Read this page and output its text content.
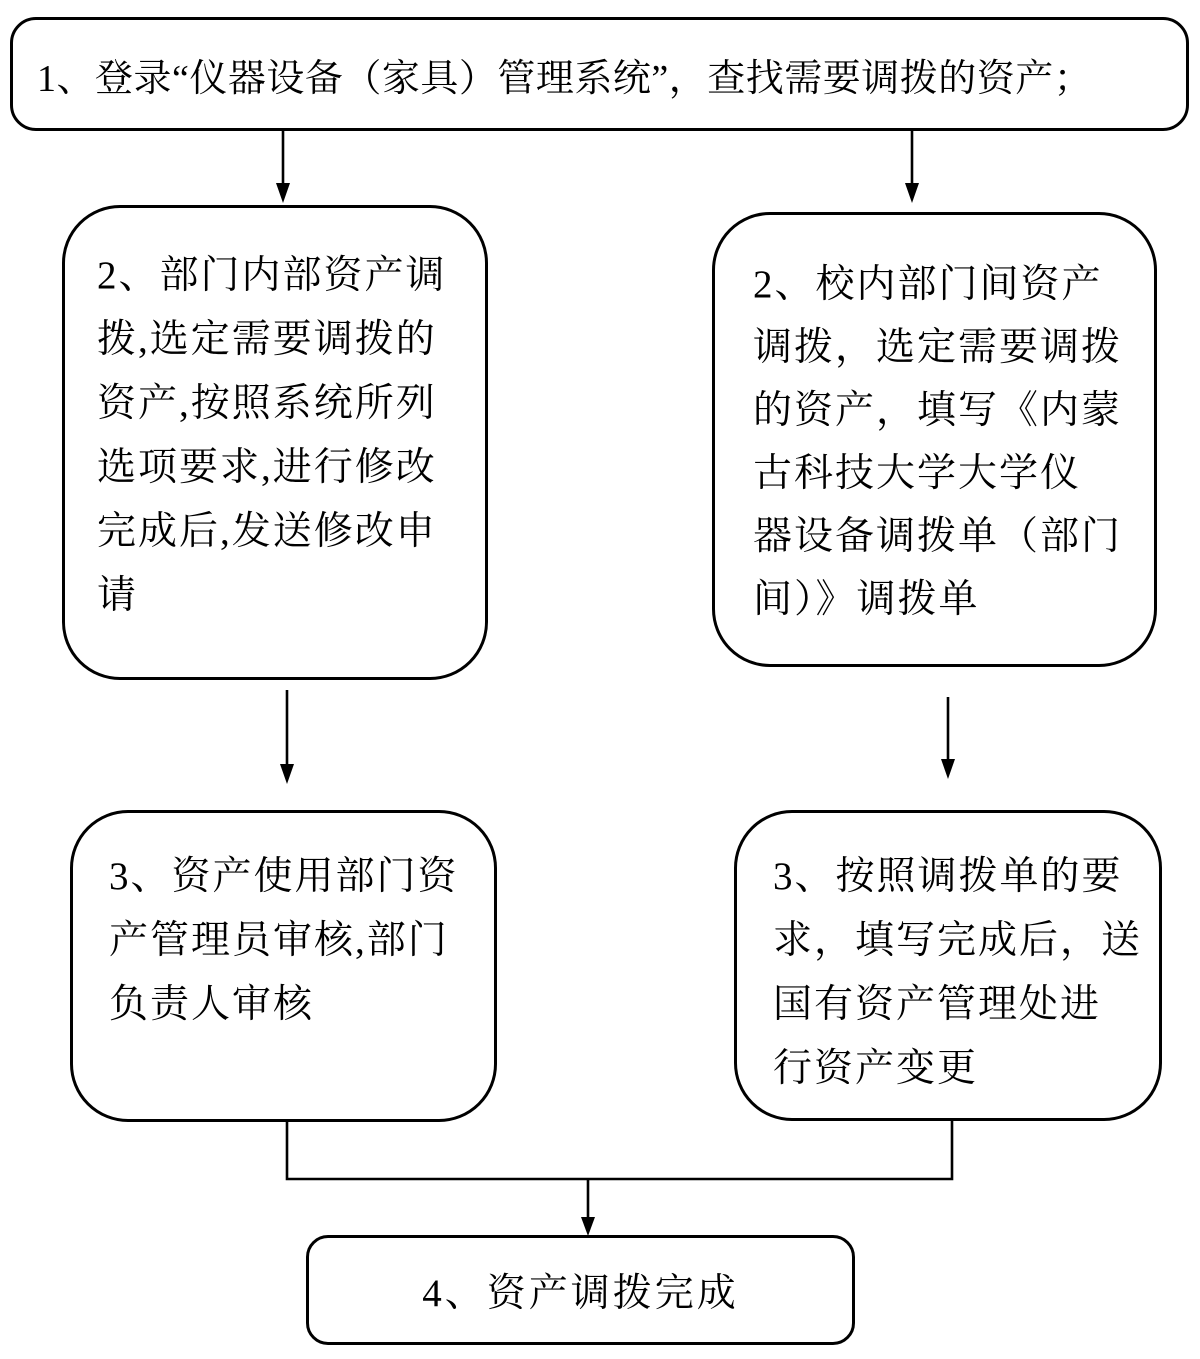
1、登录“仪器设备（家具）管理系统”，查找需要调拨的资产；
2、部门内部资产调
拨,选定需要调拨的
资产,按照系统所列
选项要求,进行修改
完成后,发送修改申
请
2、校内部门间资产
调拨，选定需要调拨
的资产，填写《内蒙
古科技大学大学仪
器设备调拨单（部门
间）》调拨单
3、资产使用部门资
产管理员审核,部门
负责人审核
3、按照调拨单的要
求，填写完成后，送
国有资产管理处进
行资产变更
4、资产调拨完成
